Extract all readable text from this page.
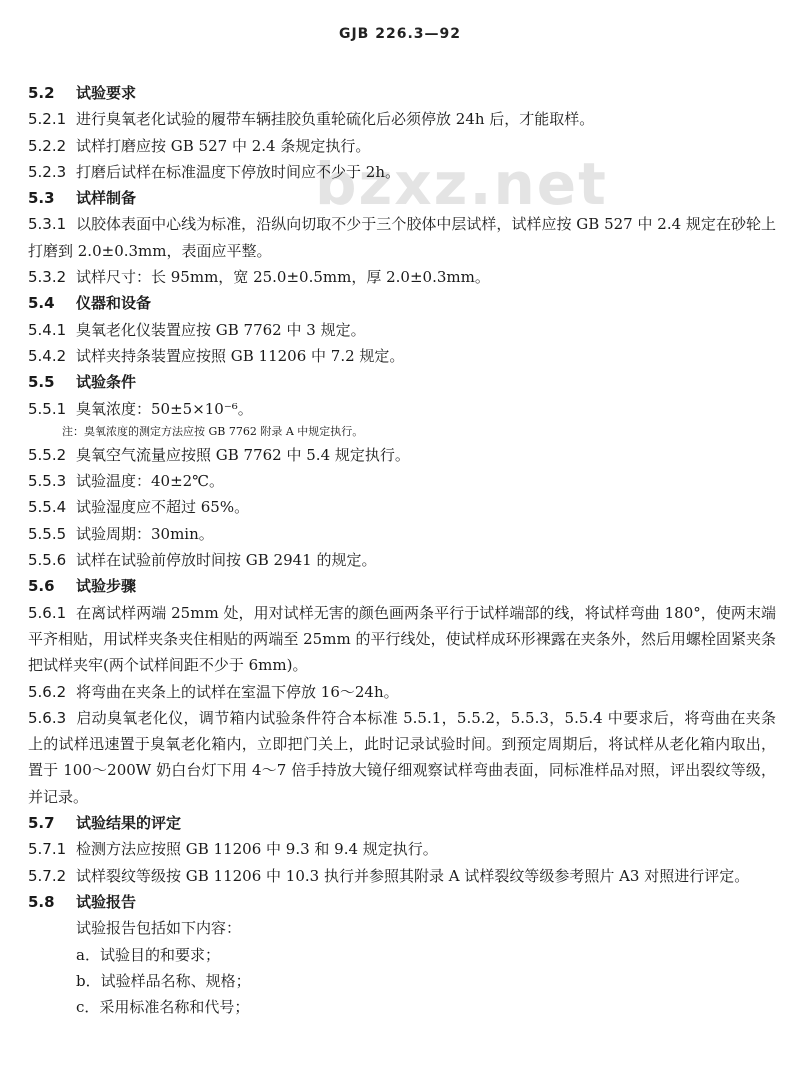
GJB 226.3—92
bzxz.net
5.2 试验要求
5.2.1 进行臭氧老化试验的履带车辆挂胶负重轮硫化后必须停放 24h 后，才能取样。
5.2.2 试样打磨应按 GB 527 中 2.4 条规定执行。
5.2.3 打磨后试样在标准温度下停放时间应不少于 2h。
5.3 试样制备
5.3.1 以胶体表面中心线为标准，沿纵向切取不少于三个胶体中层试样，试样应按 GB 527 中 2.4 规定在砂轮上打磨到 2.0±0.3mm，表面应平整。
5.3.2 试样尺寸：长 95mm，宽 25.0±0.5mm，厚 2.0±0.3mm。
5.4 仪器和设备
5.4.1 臭氧老化仪装置应按 GB 7762 中 3 规定。
5.4.2 试样夹持条装置应按照 GB 11206 中 7.2 规定。
5.5 试验条件
5.5.1 臭氧浓度：50±5×10⁻⁶。
注：臭氧浓度的测定方法应按 GB 7762 附录 A 中规定执行。
5.5.2 臭氧空气流量应按照 GB 7762 中 5.4 规定执行。
5.5.3 试验温度：40±2℃。
5.5.4 试验湿度应不超过 65%。
5.5.5 试验周期：30min。
5.5.6 试样在试验前停放时间按 GB 2941 的规定。
5.6 试验步骤
5.6.1 在离试样两端 25mm 处，用对试样无害的颜色画两条平行于试样端部的线，将试样弯曲 180°，使两末端平齐相贴，用试样夹条夹住相贴的两端至 25mm 的平行线处，使试样成环形裸露在夹条外，然后用螺栓固紧夹条把试样夹牢(两个试样间距不少于 6mm)。
5.6.2 将弯曲在夹条上的试样在室温下停放 16～24h。
5.6.3 启动臭氧老化仪，调节箱内试验条件符合本标准 5.5.1，5.5.2，5.5.3，5.5.4 中要求后，将弯曲在夹条上的试样迅速置于臭氧老化箱内，立即把门关上，此时记录试验时间。到预定周期后，将试样从老化箱内取出，置于 100～200W 奶白台灯下用 4～7 倍手持放大镜仔细观察试样弯曲表面，同标准样品对照，评出裂纹等级，并记录。
5.7 试验结果的评定
5.7.1 检测方法应按照 GB 11206 中 9.3 和 9.4 规定执行。
5.7.2 试样裂纹等级按 GB 11206 中 10.3 执行并参照其附录 A 试样裂纹等级参考照片 A3 对照进行评定。
5.8 试验报告
试验报告包括如下内容：
a．试验目的和要求；
b．试验样品名称、规格；
c．采用标准名称和代号；
